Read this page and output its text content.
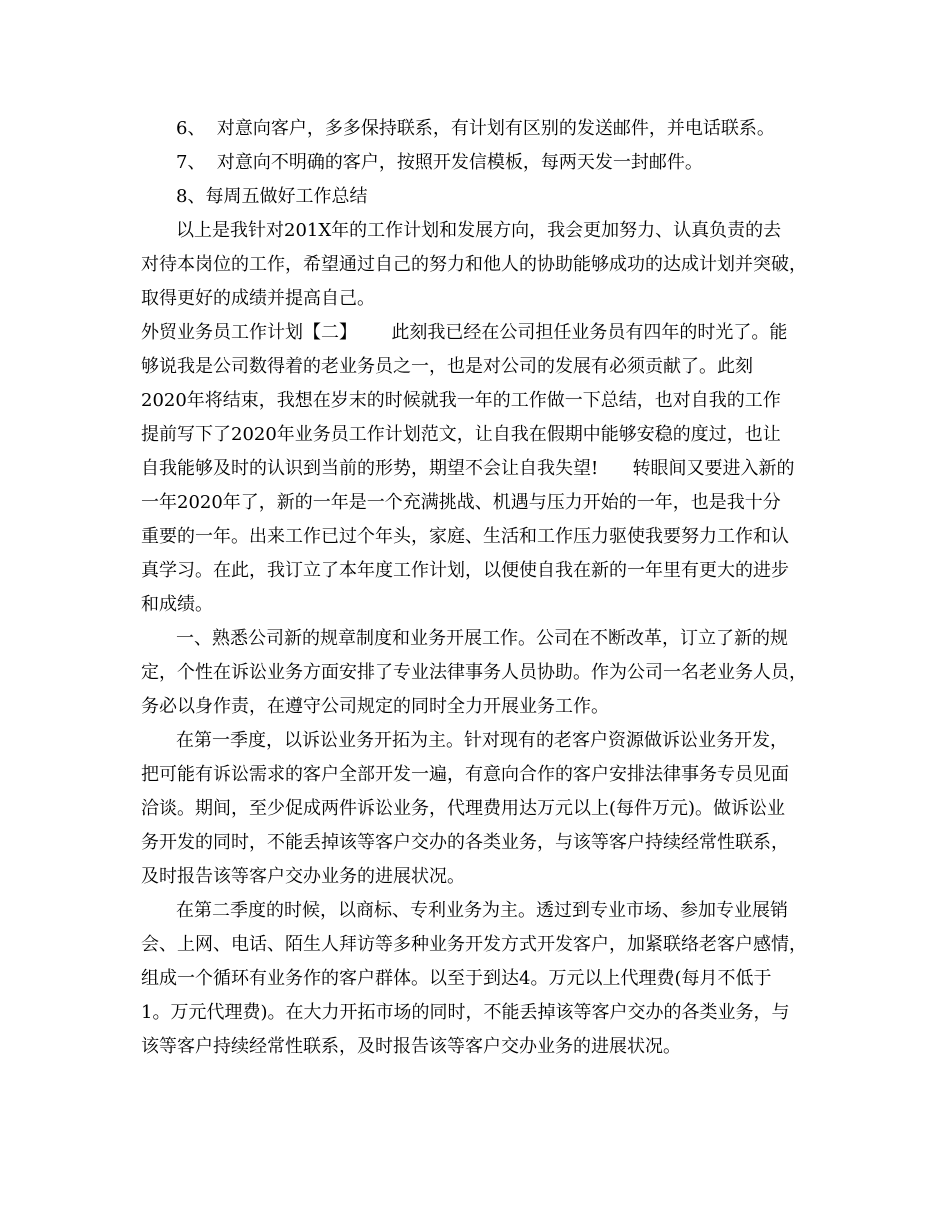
6、  对意向客户，多多保持联系，有计划有区别的发送邮件，并电话联系。
7、  对意向不明确的客户，按照开发信模板，每两天发一封邮件。
8、每周五做好工作总结
以上是我针对201X年的工作计划和发展方向，我会更加努力、认真负责的去
对待本岗位的工作，希望通过自己的努力和他人的协助能够成功的达成计划并突破，
取得更好的成绩并提高自己。
外贸业务员工作计划【二】      此刻我已经在公司担任业务员有四年的时光了。能
够说我是公司数得着的老业务员之一，也是对公司的发展有必须贡献了。此刻
2020年将结束，我想在岁末的时候就我一年的工作做一下总结，也对自我的工作
提前写下了2020年业务员工作计划范文，让自我在假期中能够安稳的度过，也让
自我能够及时的认识到当前的形势，期望不会让自我失望!      转眼间又要进入新的
一年2020年了，新的一年是一个充满挑战、机遇与压力开始的一年，也是我十分
重要的一年。出来工作已过个年头，家庭、生活和工作压力驱使我要努力工作和认
真学习。在此，我订立了本年度工作计划，以便使自我在新的一年里有更大的进步
和成绩。
一、熟悉公司新的规章制度和业务开展工作。公司在不断改革，订立了新的规
定，个性在诉讼业务方面安排了专业法律事务人员协助。作为公司一名老业务人员，
务必以身作责，在遵守公司规定的同时全力开展业务工作。
在第一季度，以诉讼业务开拓为主。针对现有的老客户资源做诉讼业务开发，
把可能有诉讼需求的客户全部开发一遍，有意向合作的客户安排法律事务专员见面
洽谈。期间，至少促成两件诉讼业务，代理费用达万元以上(每件万元)。做诉讼业
务开发的同时，不能丢掉该等客户交办的各类业务，与该等客户持续经常性联系，
及时报告该等客户交办业务的进展状况。
在第二季度的时候，以商标、专利业务为主。透过到专业市场、参加专业展销
会、上网、电话、陌生人拜访等多种业务开发方式开发客户，加紧联络老客户感情，
组成一个循环有业务作的客户群体。以至于到达4。万元以上代理费(每月不低于
1。万元代理费)。在大力开拓市场的同时，不能丢掉该等客户交办的各类业务，与
该等客户持续经常性联系，及时报告该等客户交办业务的进展状况。
